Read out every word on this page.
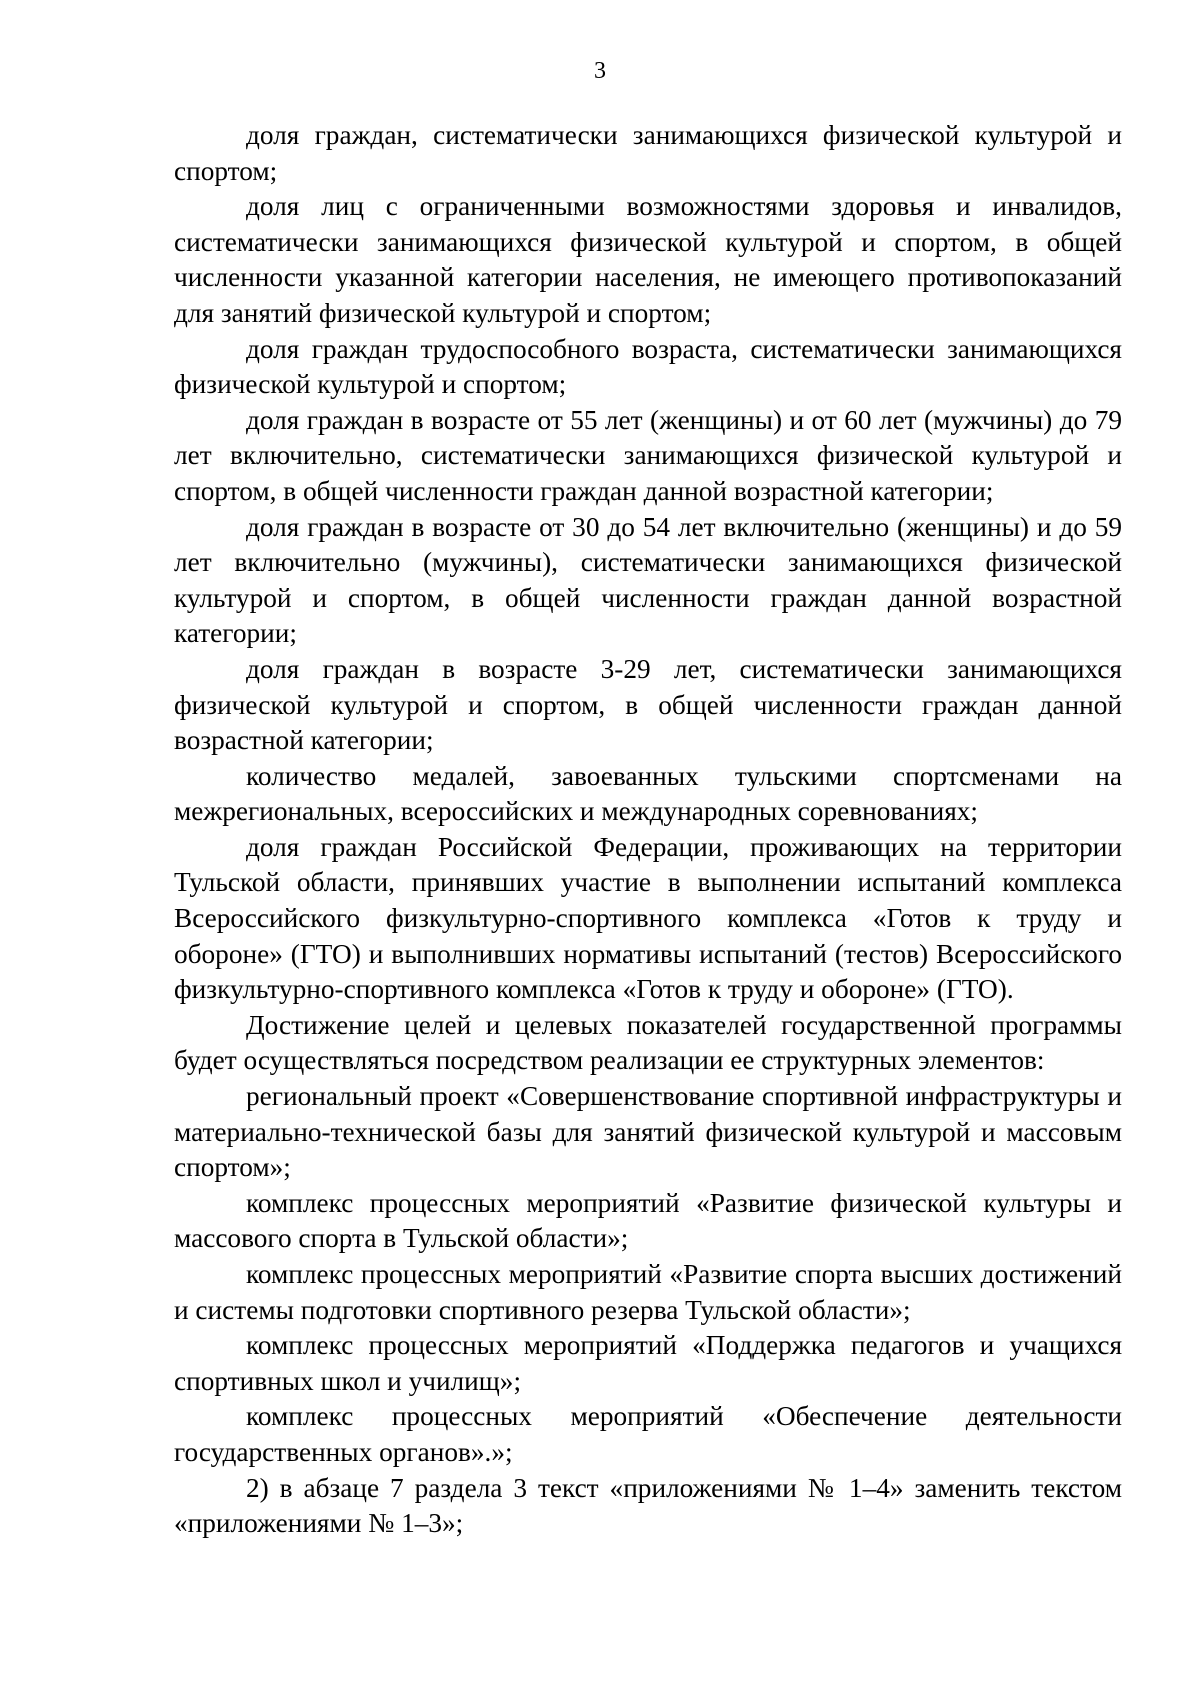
3

доля граждан, систематически занимающихся физической культурой и спортом;

доля лиц с ограниченными возможностями здоровья и инвалидов, систематически занимающихся физической культурой и спортом, в общей численности указанной категории населения, не имеющего противопоказаний для занятий физической культурой и спортом;

доля граждан трудоспособного возраста, систематически занимающихся физической культурой и спортом;

доля граждан в возрасте от 55 лет (женщины) и от 60 лет (мужчины) до 79 лет включительно, систематически занимающихся физической культурой и спортом, в общей численности граждан данной возрастной категории;

доля граждан в возрасте от 30 до 54 лет включительно (женщины) и до 59 лет включительно (мужчины), систематически занимающихся физической культурой и спортом, в общей численности граждан данной возрастной категории;

доля граждан в возрасте 3-29 лет, систематически занимающихся физической культурой и спортом, в общей численности граждан данной возрастной категории;

количество медалей, завоеванных тульскими спортсменами на межрегиональных, всероссийских и международных соревнованиях;

доля граждан Российской Федерации, проживающих на территории Тульской области, принявших участие в выполнении испытаний комплекса Всероссийского физкультурно-спортивного комплекса «Готов к труду и обороне» (ГТО) и выполнивших нормативы испытаний (тестов) Всероссийского физкультурно-спортивного комплекса «Готов к труду и обороне» (ГТО).

Достижение целей и целевых показателей государственной программы будет осуществляться посредством реализации ее структурных элементов:

региональный проект «Совершенствование спортивной инфраструктуры и материально-технической базы для занятий физической культурой и массовым спортом»;

комплекс процессных мероприятий «Развитие физической культуры и массового спорта в Тульской области»;

комплекс процессных мероприятий «Развитие спорта высших достижений и системы подготовки спортивного резерва Тульской области»;

комплекс процессных мероприятий «Поддержка педагогов и учащихся спортивных школ и училищ»;

комплекс процессных мероприятий «Обеспечение деятельности государственных органов».»;

2) в абзаце 7 раздела 3 текст «приложениями № 1–4» заменить текстом «приложениями № 1–3»;
